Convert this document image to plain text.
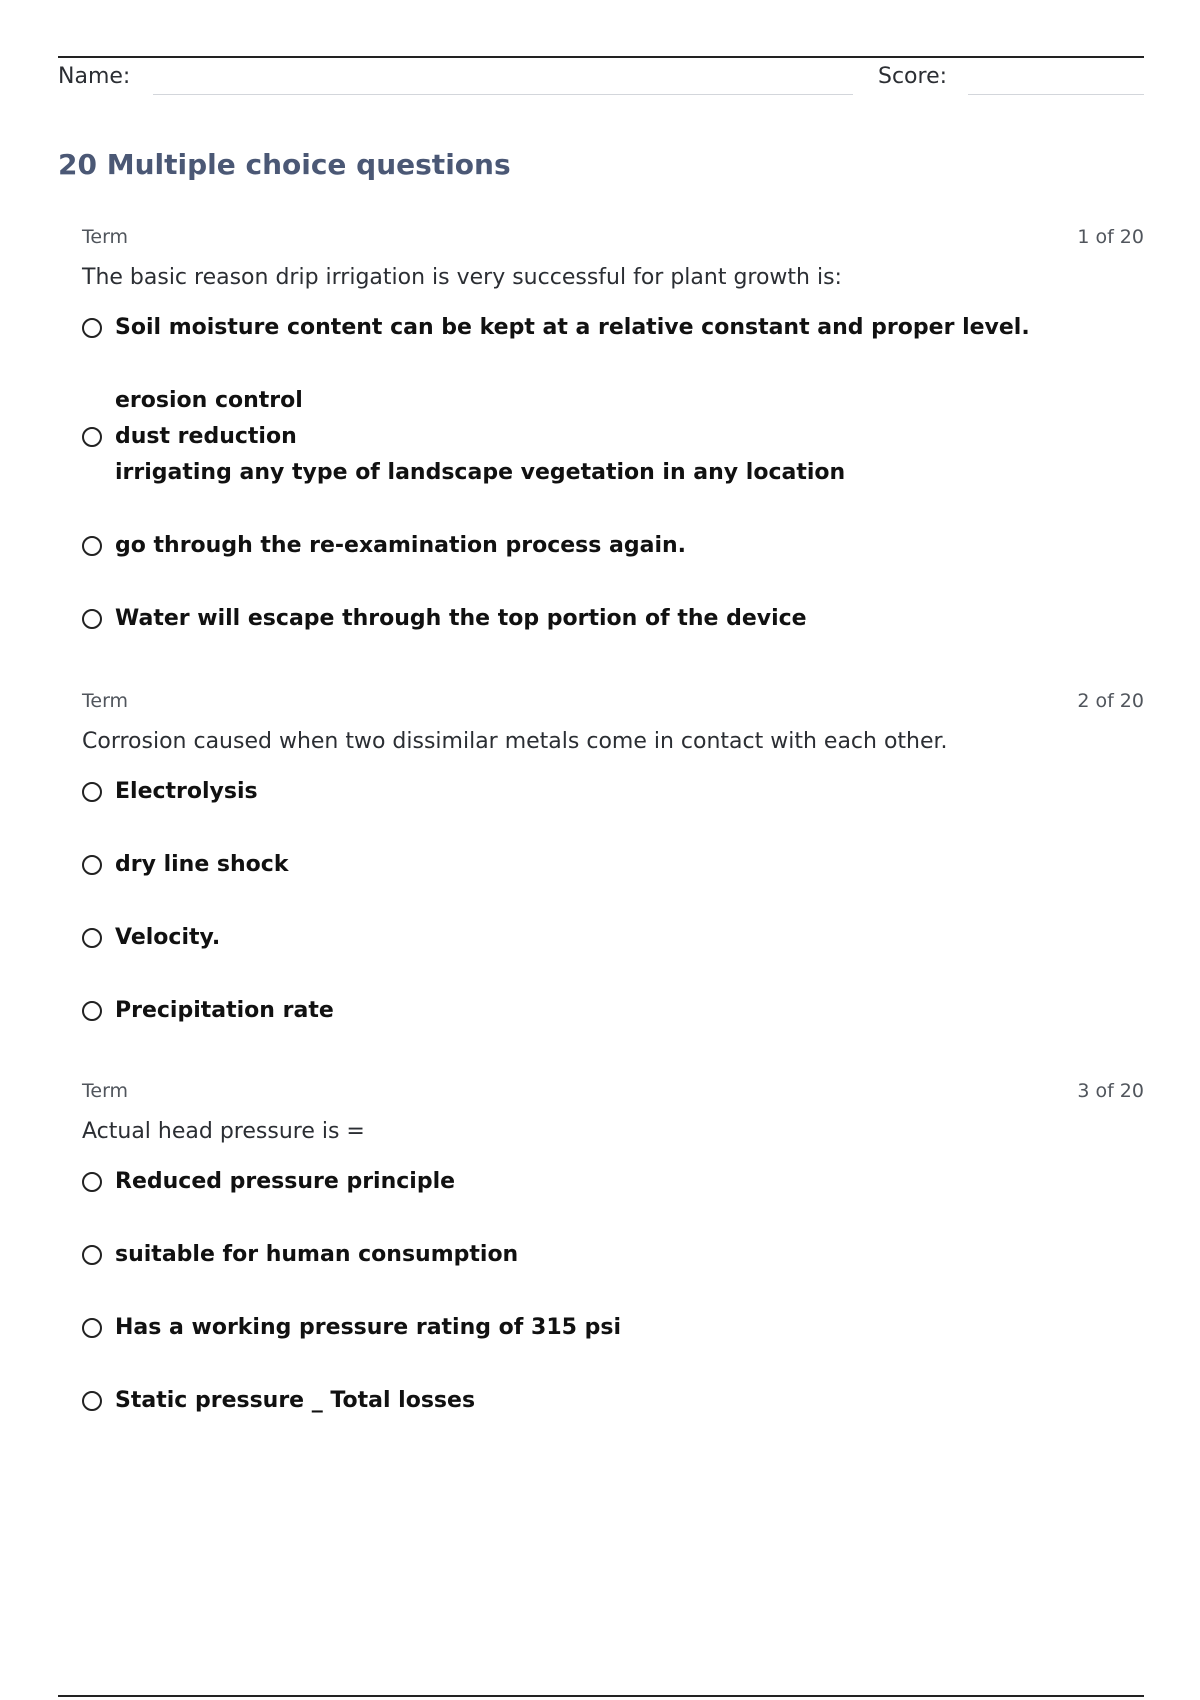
Name:	Score:
20 Multiple choice questions
Term	1 of 20
The basic reason drip irrigation is very successful for plant growth is:
Soil moisture content can be kept at a relative constant and proper level.
erosion control
dust reduction
irrigating any type of landscape vegetation in any location
go through the re-examination process again.
Water will escape through the top portion of the device
Term	2 of 20
Corrosion caused when two dissimilar metals come in contact with each other.
Electrolysis
dry line shock
Velocity.
Precipitation rate
Term	3 of 20
Actual head pressure is =
Reduced pressure principle
suitable for human consumption
Has a working pressure rating of 315 psi
Static pressure _ Total losses
